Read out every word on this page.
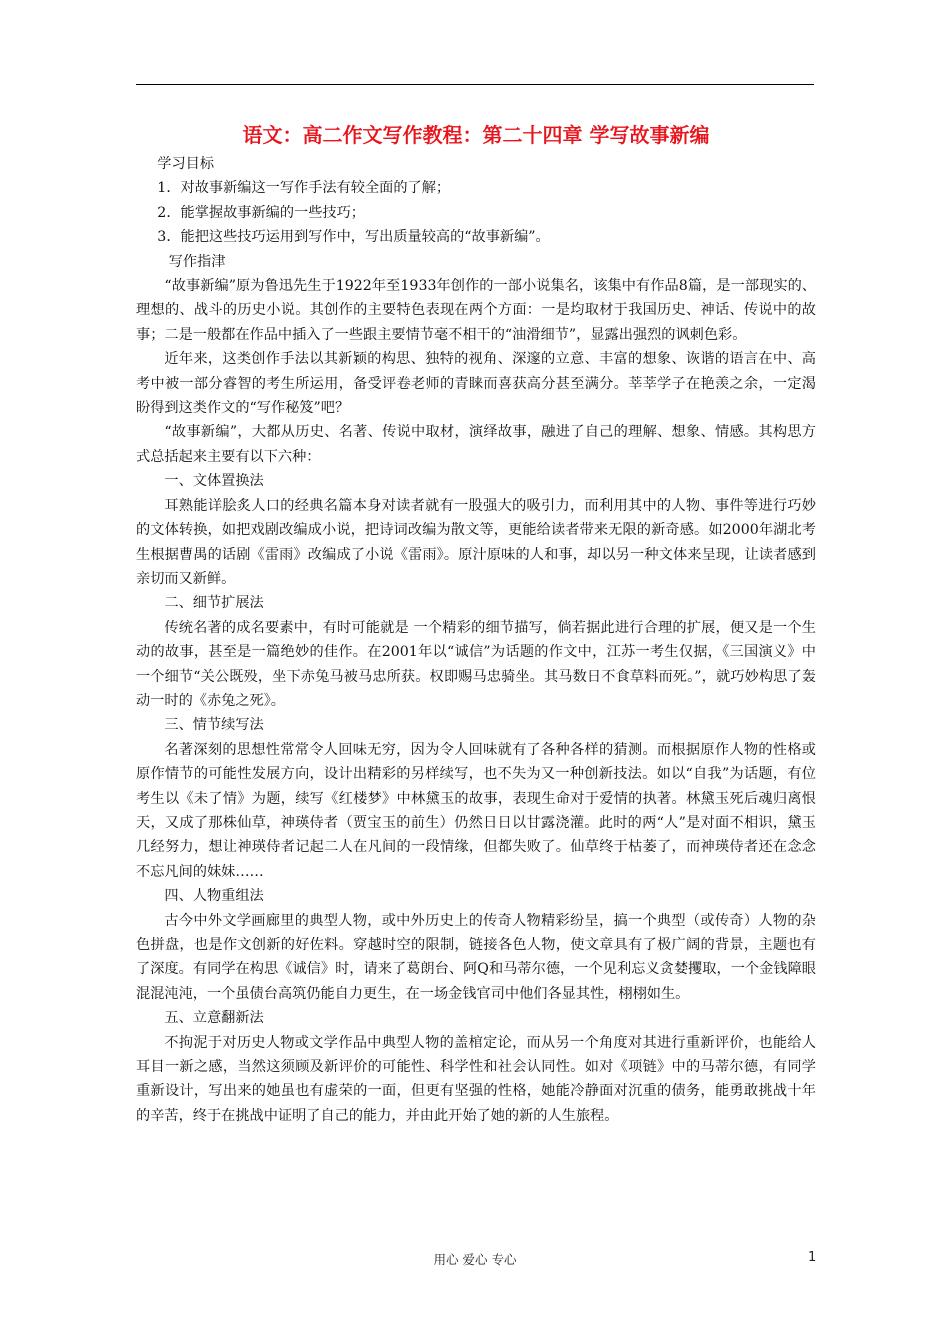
语文：高二作文写作教程：第二十四章 学写故事新编

学习目标

1．对故事新编这一写作手法有较全面的了解；

2．能掌握故事新编的一些技巧；

3．能把这些技巧运用到写作中，写出质量较高的“故事新编”。

写作指津

“故事新编”原为鲁迅先生于1922年至1933年创作的一部小说集名，该集中有作品8篇，是一部现实的、理想的、战斗的历史小说。其创作的主要特色表现在两个方面：一是均取材于我国历史、神话、传说中的故事；二是一般都在作品中插入了一些跟主要情节毫不相干的“油滑细节”，显露出强烈的讽刺色彩。

近年来，这类创作手法以其新颖的构思、独特的视角、深邃的立意、丰富的想象、诙谐的语言在中、高考中被一部分睿智的考生所运用，备受评卷老师的青睐而喜获高分甚至满分。莘莘学子在艳羡之余，一定渴盼得到这类作文的“写作秘笈”吧？

“故事新编”，大都从历史、名著、传说中取材，演绎故事，融进了自己的理解、想象、情感。其构思方式总括起来主要有以下六种：

一、文体置换法

耳熟能详脍炙人口的经典名篇本身对读者就有一股强大的吸引力，而利用其中的人物、事件等进行巧妙的文体转换，如把戏剧改编成小说，把诗词改编为散文等，更能给读者带来无限的新奇感。如2000年湖北考生根据曹禺的话剧《雷雨》改编成了小说《雷雨》。原汁原味的人和事，却以另一种文体来呈现，让读者感到亲切而又新鲜。

二、细节扩展法

传统名著的成名要素中，有时可能就是 一个精彩的细节描写，倘若据此进行合理的扩展，便又是一个生动的故事，甚至是一篇绝妙的佳作。在2001年以“诚信”为话题的作文中，江苏一考生仅据，《三国演义》中一个细节“关公既殁，坐下赤兔马被马忠所获。权即赐马忠骑坐。其马数日不食草料而死。”，就巧妙构思了轰动一时的《赤兔之死》。

三、情节续写法

名著深刻的思想性常常令人回味无穷，因为令人回味就有了各种各样的猜测。而根据原作人物的性格或原作情节的可能性发展方向，设计出精彩的另样续写，也不失为又一种创新技法。如以“自我”为话题，有位考生以《未了情》为题，续写《红楼梦》中林黛玉的故事，表现生命对于爱情的执著。林黛玉死后魂归离恨天，又成了那株仙草，神瑛侍者（贾宝玉的前生）仍然日日以甘露浇灌。此时的两“人”是对面不相识，黛玉几经努力，想让神瑛侍者记起二人在凡间的一段情缘，但都失败了。仙草终于枯萎了，而神瑛侍者还在念念不忘凡间的妹妹……

四、人物重组法

古今中外文学画廊里的典型人物，或中外历史上的传奇人物精彩纷呈，搞一个典型（或传奇）人物的杂色拼盘，也是作文创新的好佐料。穿越时空的限制，链接各色人物，使文章具有了极广阔的背景，主题也有了深度。有同学在构思《诚信》时，请来了葛朗台、阿Q和马蒂尔德，一个见利忘义贪婪攫取，一个金钱障眼混混沌沌，一个虽债台高筑仍能自力更生，在一场金钱官司中他们各显其性，栩栩如生。

五、立意翻新法

不拘泥于对历史人物或文学作品中典型人物的盖棺定论，而从另一个角度对其进行重新评价，也能给人耳目一新之感，当然这须顾及新评价的可能性、科学性和社会认同性。如对《项链》中的马蒂尔德，有同学重新设计，写出来的她虽也有虚荣的一面，但更有坚强的性格，她能冷静面对沉重的债务，能勇敢挑战十年的辛苦，终于在挑战中证明了自己的能力，并由此开始了她的新的人生旅程。

用心 爱心 专心	1
